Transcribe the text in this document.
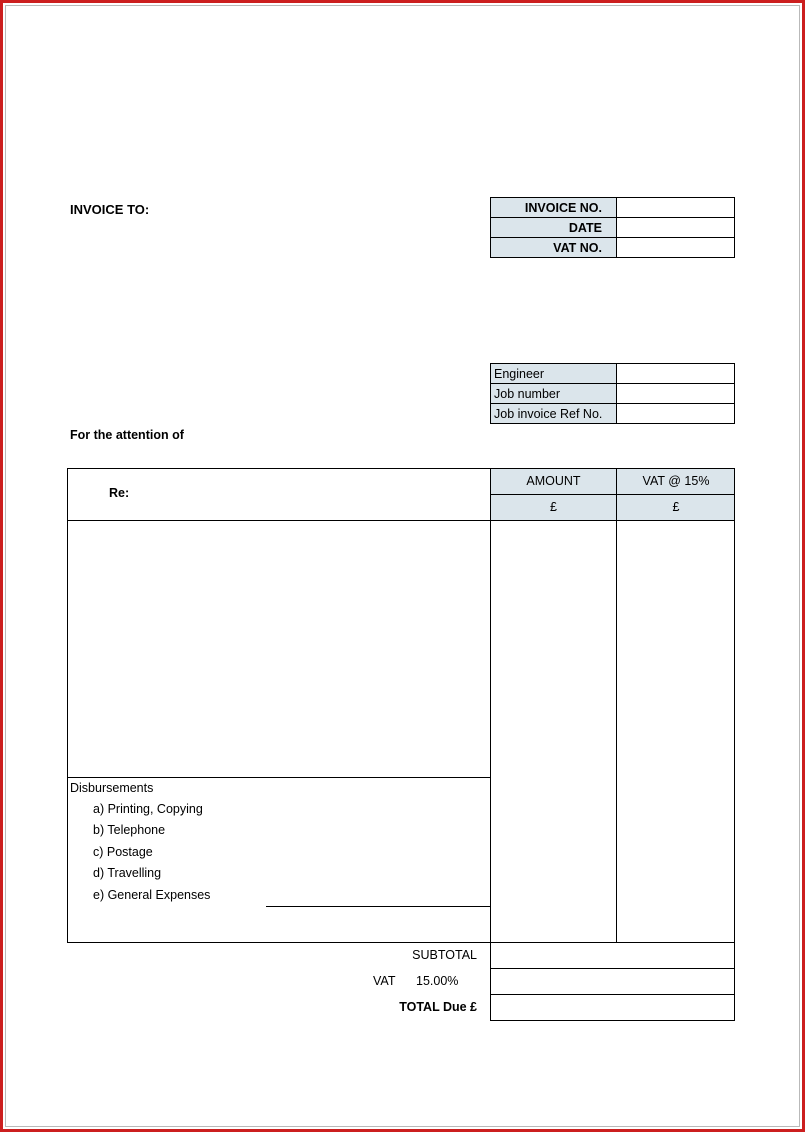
INVOICE TO:	INVOICE NO.	
DATE	
VAT NO.	
Engineer	
Job number	
Job invoice Ref No.	
For the attention of
Re:
AMOUNT	VAT @ 15%
£	£
Disbursements
a) Printing, Copying
b) Telephone
c) Postage
d) Travelling
e) General Expenses
SUBTOTAL
VAT 15.00%
TOTAL Due £
